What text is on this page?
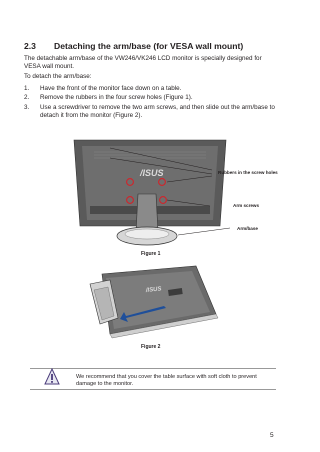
2.3 Detaching the arm/base (for VESA wall mount)
The detachable arm/base of the VW246/VK246 LCD monitor is specially designed for VESA wall mount.
To detach the arm/base:
1.	Have the front of the monitor face down on a table.
2.	Remove the rubbers in the four screw holes (Figure 1).
3.	Use a screwdriver to remove the two arm screws, and then slide out the arm/base to detach it from the monitor (Figure 2).
/ISUS	Rubbers in the screw holes
Arm screws
Arm/base
Figure 1
/ISUS
Figure 2
We recommend that you cover the table surface with soft cloth to prevent damage to the monitor.
5
